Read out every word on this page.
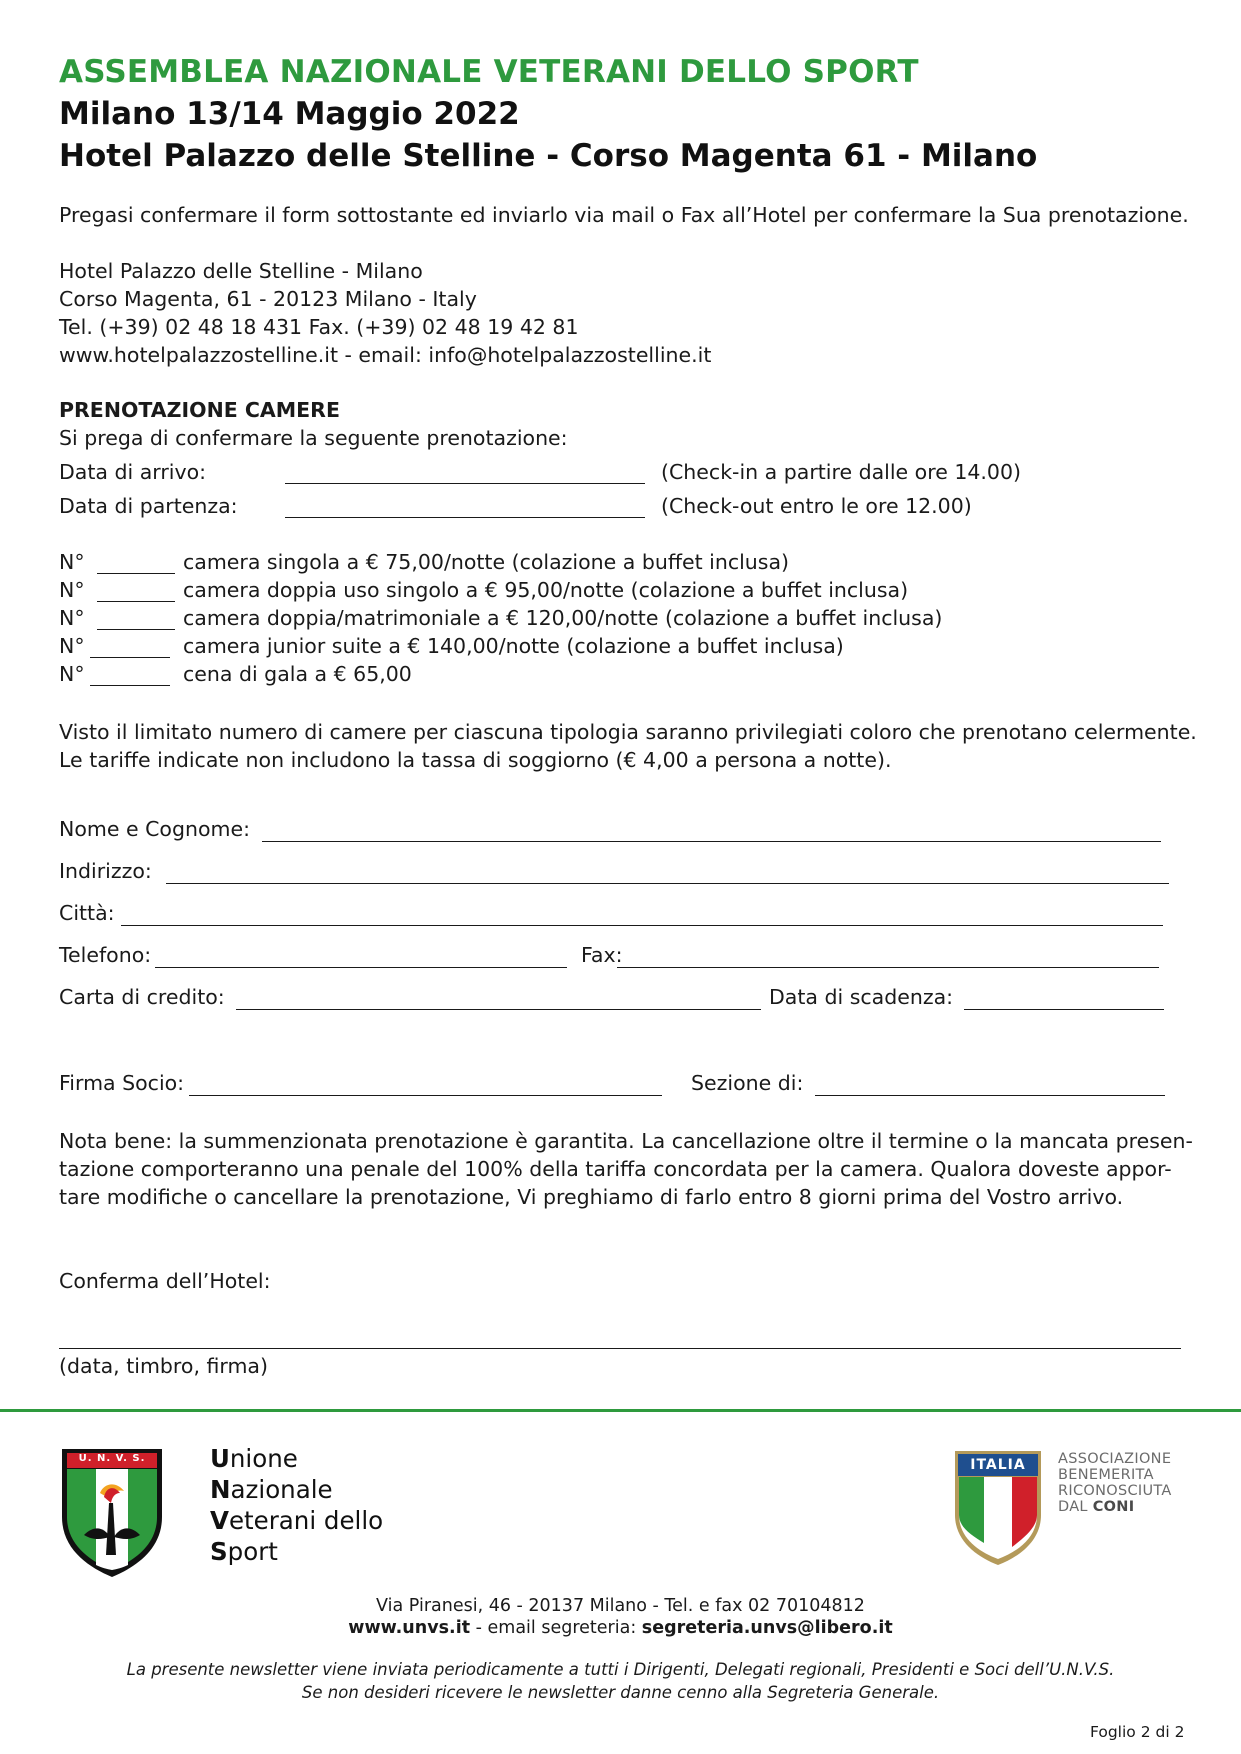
ASSEMBLEA NAZIONALE VETERANI DELLO SPORT
Milano 13/14 Maggio 2022
Hotel Palazzo delle Stelline - Corso Magenta 61 - Milano
Pregasi confermare il form sottostante ed inviarlo via mail o Fax all’Hotel per confermare la Sua prenotazione.
Hotel Palazzo delle Stelline - Milano
Corso Magenta, 61 - 20123 Milano - Italy
Tel. (+39) 02 48 18 431 Fax. (+39) 02 48 19 42 81
www.hotelpalazzostelline.it - email: info@hotelpalazzostelline.it
PRENOTAZIONE CAMERE
Si prega di confermare la seguente prenotazione:
Data di arrivo:	(Check-in a partire dalle ore 14.00)
Data di partenza:	(Check-out entro le ore 12.00)
N°	camera singola a € 75,00/notte (colazione a buffet inclusa)
N°	camera doppia uso singolo a € 95,00/notte (colazione a buffet inclusa)
N°	camera doppia/matrimoniale a € 120,00/notte (colazione a buffet inclusa)
N°	camera junior suite a € 140,00/notte (colazione a buffet inclusa)
N°	cena di gala a € 65,00
Visto il limitato numero di camere per ciascuna tipologia saranno privilegiati coloro che prenotano celermente.
Le tariffe indicate non includono la tassa di soggiorno (€ 4,00 a persona a notte).
Nome e Cognome:
Indirizzo:
Città:
Telefono:	Fax:
Carta di credito:	Data di scadenza:
Firma Socio:	Sezione di:
Nota bene: la summenzionata prenotazione è garantita. La cancellazione oltre il termine o la mancata presen-
tazione comporteranno una penale del 100% della tariffa concordata per la camera. Qualora doveste appor-
tare modifiche o cancellare la prenotazione, Vi preghiamo di farlo entro 8 giorni prima del Vostro arrivo.
Conferma dell’Hotel:
(data, timbro, firma)
U. N. V. S.	Unione
Nazionale
Veterani dello
Sport
ITALIA	ASSOCIAZIONE
BENEMERITA
RICONOSCIUTA
DAL CONI
Via Piranesi, 46 - 20137 Milano - Tel. e fax 02 70104812
www.unvs.it - email segreteria: segreteria.unvs@libero.it
La presente newsletter viene inviata periodicamente a tutti i Dirigenti, Delegati regionali, Presidenti e Soci dell’U.N.V.S.
Se non desideri ricevere le newsletter danne cenno alla Segreteria Generale.
Foglio 2 di 2
